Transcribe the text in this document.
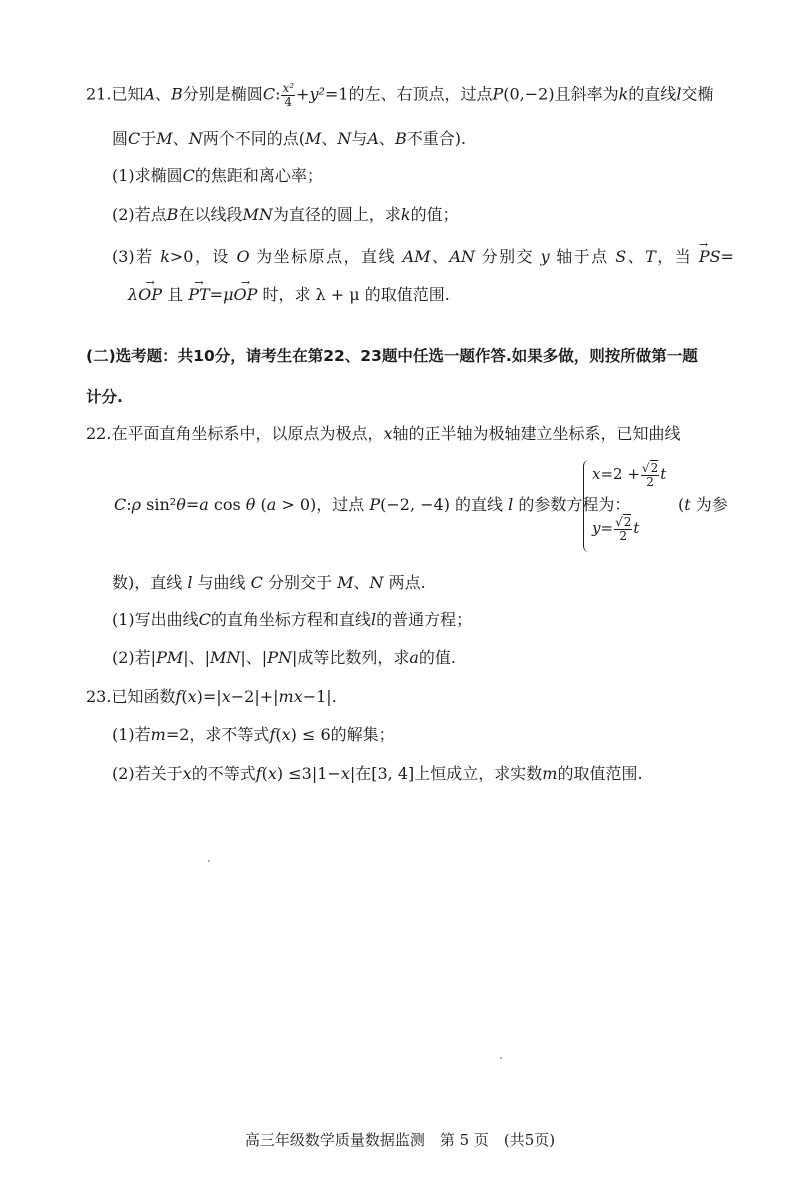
21.已知A、B分别是椭圆C: $\frac{\text{x²}}{4} +y^2=1$的左、右顶点，过点P(0,−2)且斜率为k的直线l交椭
圆C于M、N两个不同的点(M、N与A、B不重合).
(1)求椭圆C的焦距和离心率；
(2)若点B在以线段MN为直径的圆上，求k的值；
(3)若 k>0，设 O 为坐标原点，直线 AM、AN 分别交 y 轴于点 S、T，当 → PS=
λ→ OP 且 → PT=μ→ OP 时，求 λ + μ 的取值范围.
(二)选考题：共10分，请考生在第22、23题中任选一题作答.如果多做，则按所做第一题
计分.
22.在平面直角坐标系中，以原点为极点，x轴的正半轴为极轴建立坐标系，已知曲线
C:ρ sin²θ=a cos θ (a > 0)，过点 P(−2, −4) 的直线 l 的参数方程为：
$x=2 + \frac{√2}{2}$ t
$y= \frac{√2}{2}$ t
(t 为参
数)，直线 l 与曲线 C 分别交于 M、N 两点.
(1)写出曲线C的直角坐标方程和直线l的普通方程；
(2)若|PM|、|MN|、|PN|成等比数列，求a的值.
23.已知函数f(x)=|x−2|+|mx−1|.
(1)若m=2，求不等式f(x) ≤ 6的解集；
(2)若关于x的不等式f(x) ≤3|1−x|在[3, 4]上恒成立，求实数m的取值范围.
高三年级数学质量数据监测　第 5 页　(共5页)
